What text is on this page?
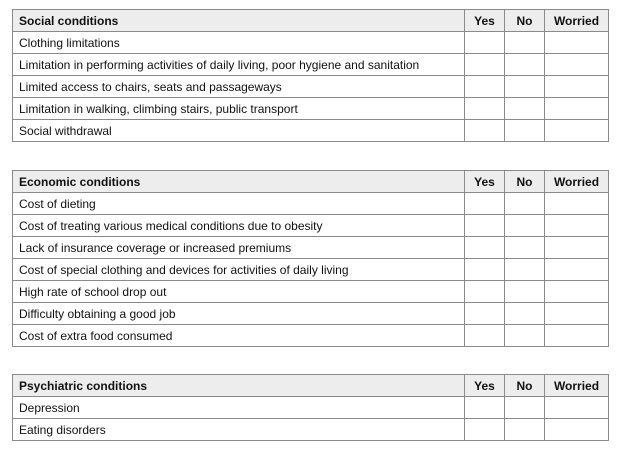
Social conditions	Yes	No	Worried
Clothing limitations			
Limitation in performing activities of daily living, poor hygiene and sanitation			
Limited access to chairs, seats and passageways			
Limitation in walking, climbing stairs, public transport			
Social withdrawal			
Economic conditions	Yes	No	Worried
Cost of dieting			
Cost of treating various medical conditions due to obesity			
Lack of insurance coverage or increased premiums			
Cost of special clothing and devices for activities of daily living			
High rate of school drop out			
Difficulty obtaining a good job			
Cost of extra food consumed			
Psychiatric conditions	Yes	No	Worried
Depression			
Eating disorders			
